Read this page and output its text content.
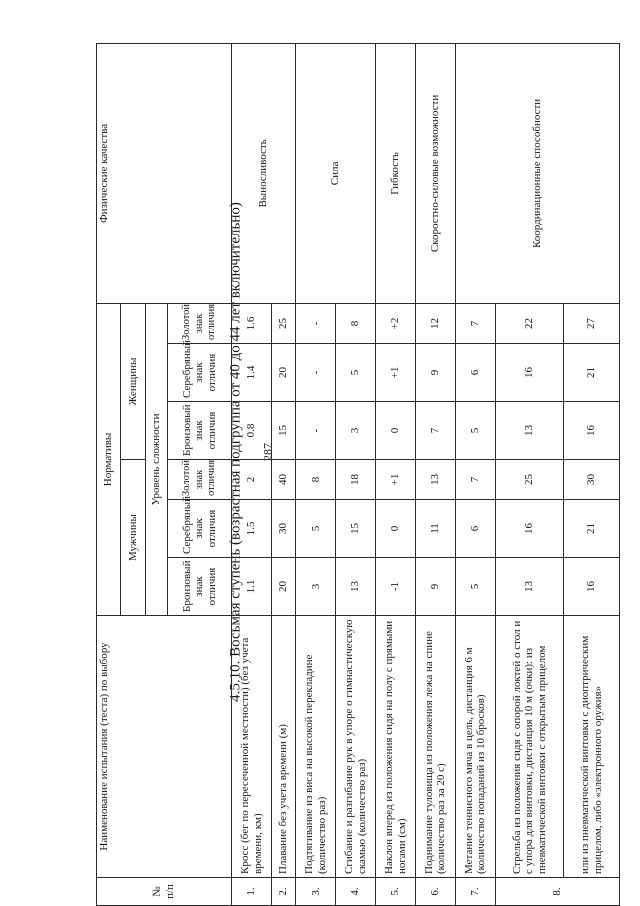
287
4.5.10. Восьмая ступень (возрастная подгруппа от 40 до 44 лет включительно)
№ п/п	Наименование испытания (теста) по выбору	Нормативы						Физические качества
		Мужчины			Женщины			
		Уровень сложности						
		Бронзовый знак отличия	Серебряный знак отличия	Золотой знак отличия	Бронзовый знак отличия	Серебряный знак отличия	Золотой знак отличия	
1.	Кросс (бег по пересеченной местности) (без учета времени, км)	1.1	1.5	2	0.8	1.4	1.6	Выносливость
2.	Плавание без учета времени (м)	20	30	40	15	20	25	
3.	Подтягивание из виса на высокой перекладине (количество раз)	3	5	8	-	-	-	Сила
4.	Сгибание и разгибание рук в упоре о гимнастическую скамью (количество раз)	13	15	18	3	5	8	
5.	Наклон вперед из положения сидя на полу с прямыми ногами (см)	-1	0	+1	0	+1	+2	Гибкость
6.	Поднимание туловища из положения лежа на спине (количество раз за 20 с)	9	11	13	7	9	12	Скоростно-силовые возможности
7.	Метание теннисного мяча в цель, дистанция 6 м (количество попаданий из 10 бросков)	5	6	7	5	6	7	Координационные способности
8.	Стрельба из положения сидя с опорой локтей о стол и с упора для винтовки, дистанция 10 м (очки): из пневматической винтовки с открытым прицелом	13	16	25	13	16	22	
	или из пневматической винтовки с диоптрическим прицелом, либо «электронного оружия»	16	21	30	16	21	27	
